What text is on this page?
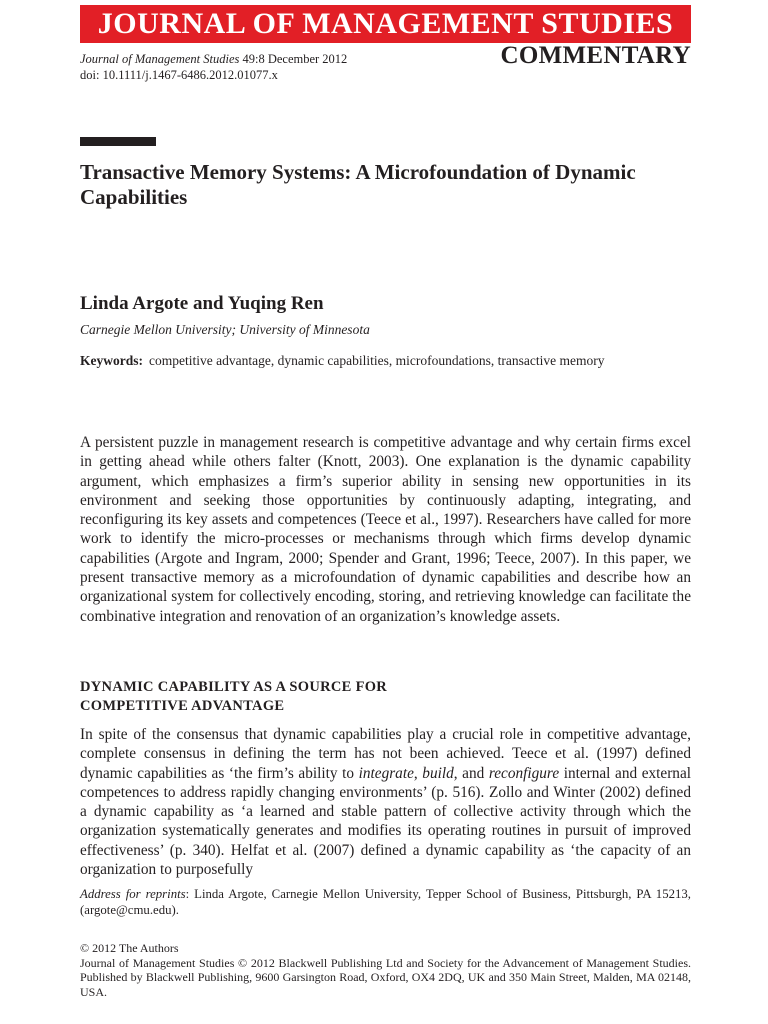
JOURNAL OF MANAGEMENT STUDIES
Journal of Management Studies 49:8 December 2012
doi: 10.1111/j.1467-6486.2012.01077.x
COMMENTARY
Transactive Memory Systems: A Microfoundation of Dynamic Capabilities
Linda Argote and Yuqing Ren
Carnegie Mellon University; University of Minnesota
Keywords: competitive advantage, dynamic capabilities, microfoundations, transactive memory

A persistent puzzle in management research is competitive advantage and why certain firms excel in getting ahead while others falter (Knott, 2003). One explanation is the dynamic capability argument, which emphasizes a firm’s superior ability in sensing new opportunities in its environment and seeking those opportunities by continuously adapting, integrating, and reconfiguring its key assets and competences (Teece et al., 1997). Researchers have called for more work to identify the micro-processes or mechanisms through which firms develop dynamic capabilities (Argote and Ingram, 2000; Spender and Grant, 1996; Teece, 2007). In this paper, we present transactive memory as a microfoundation of dynamic capabilities and describe how an organizational system for collectively encoding, storing, and retrieving knowledge can facilitate the combinative integration and renovation of an organization’s knowledge assets.

DYNAMIC CAPABILITY AS A SOURCE FOR
COMPETITIVE ADVANTAGE

In spite of the consensus that dynamic capabilities play a crucial role in competitive advantage, complete consensus in defining the term has not been achieved. Teece et al. (1997) defined dynamic capabilities as ‘the firm’s ability to integrate, build, and reconfigure internal and external competences to address rapidly changing environments’ (p. 516). Zollo and Winter (2002) defined a dynamic capability as ‘a learned and stable pattern of collective activity through which the organization systematically generates and modifies its operating routines in pursuit of improved effectiveness’ (p. 340). Helfat et al. (2007) defined a dynamic capability as ‘the capacity of an organization to purposefully

Address for reprints: Linda Argote, Carnegie Mellon University, Tepper School of Business, Pittsburgh, PA 15213, (argote@cmu.edu).
© 2012 The Authors
Journal of Management Studies © 2012 Blackwell Publishing Ltd and Society for the Advancement of Management Studies. Published by Blackwell Publishing, 9600 Garsington Road, Oxford, OX4 2DQ, UK and 350 Main Street, Malden, MA 02148, USA.
